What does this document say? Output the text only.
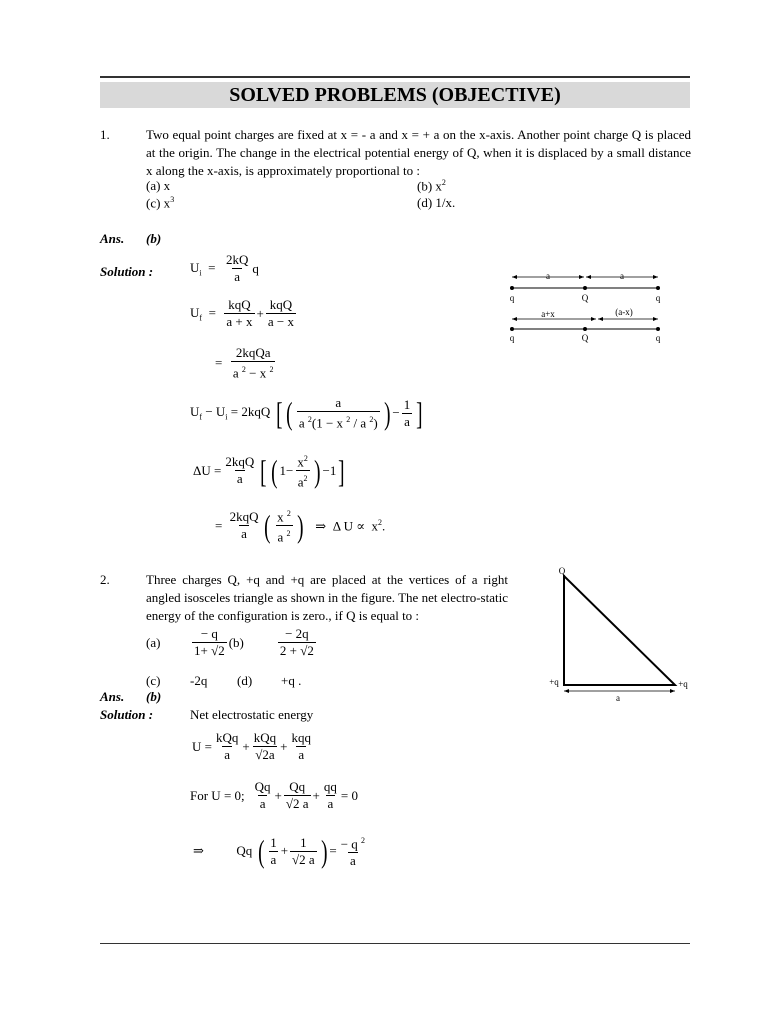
SOLVED PROBLEMS (OBJECTIVE)
1.	Two equal point charges are fixed at x = - a and x = + a on the x-axis. Another point charge Q is placed at the origin. The change in the electrical potential energy of Q, when it is displaced by a small distance x along the x-axis, is approximately proportional to :
(a) x	(b) $x^2$
(c) $x^3$	(d) 1/x.
Ans. (b)
Solution :	$U_i = \frac{2kQ}{a}$ q
$U_f = \frac{\text{kqQ}}{a + x} + \frac{\text{kqQ}}{a - x}$
= $\frac{\text{2kqQa}}{a ^2 - x ^2}$
$U_f - U_i = 2kqQ$ [ ( $\frac{a}{a ^2(1 - x ^2 / a ^2)}$ ) − $\frac{1}{a}$ ]
$\Delta U = \frac{\text{2kqQ}}{a}$ [ ( $1- \frac{x^2}{a^2}$ ) −1 ]
= $\frac{\text{2kqQ}}{a}$ ( $\frac{x ^2}{a ^2}$ ) ⇒  Δ $U \propto x^2$.
a	a
q	Q	q
a+x	(a-x)
q	Q	q
2.	Three charges Q, +q and +q are placed at the vertices of a right angled isosceles triangle as shown in the figure. The net electro-static energy of the configuration is zero., if Q is equal to :
(a)	$\frac{- q}{1+ √2} (b)$	$\frac{- 2q}{2 + √2}$
(c) -2q (d) +q .
Ans. (b)
Solution :	Net electrostatic energy
$U = \frac{\text{kQq}}{a} + \frac{\text{kQq}}{√2a} + \frac{\text{kqq}}{a}$
For U = 0; $\frac{Qq}{a} + \frac{Qq}{√2 a} + \frac{qq}{a} = 0$
⇒          Qq ( $\frac{1}{a} + \frac{1}{√2 a}$ ) = $\frac{- q ^2}{a}$
Q
+q	+q
a
